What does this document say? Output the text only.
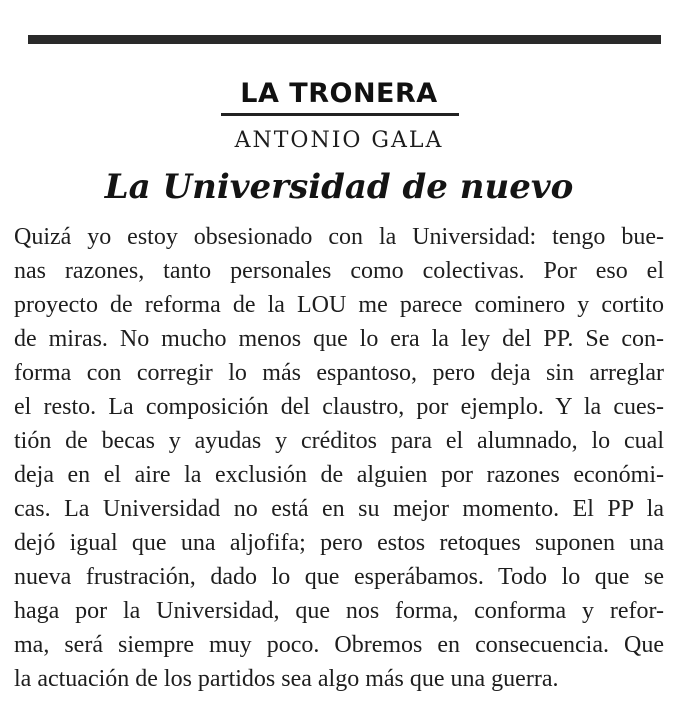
LA TRONERA
ANTONIO GALA
La Universidad de nuevo
Quizá yo estoy obsesionado con la Universidad: tengo bue-
nas razones, tanto personales como colectivas. Por eso el
proyecto de reforma de la LOU me parece cominero y cortito
de miras. No mucho menos que lo era la ley del PP. Se con-
forma con corregir lo más espantoso, pero deja sin arreglar
el resto. La composición del claustro, por ejemplo. Y la cues-
tión de becas y ayudas y créditos para el alumnado, lo cual
deja en el aire la exclusión de alguien por razones económi-
cas. La Universidad no está en su mejor momento. El PP la
dejó igual que una aljofifa; pero estos retoques suponen una
nueva frustración, dado lo que esperábamos. Todo lo que se
haga por la Universidad, que nos forma, conforma y refor-
ma, será siempre muy poco. Obremos en consecuencia. Que
la actuación de los partidos sea algo más que una guerra.
